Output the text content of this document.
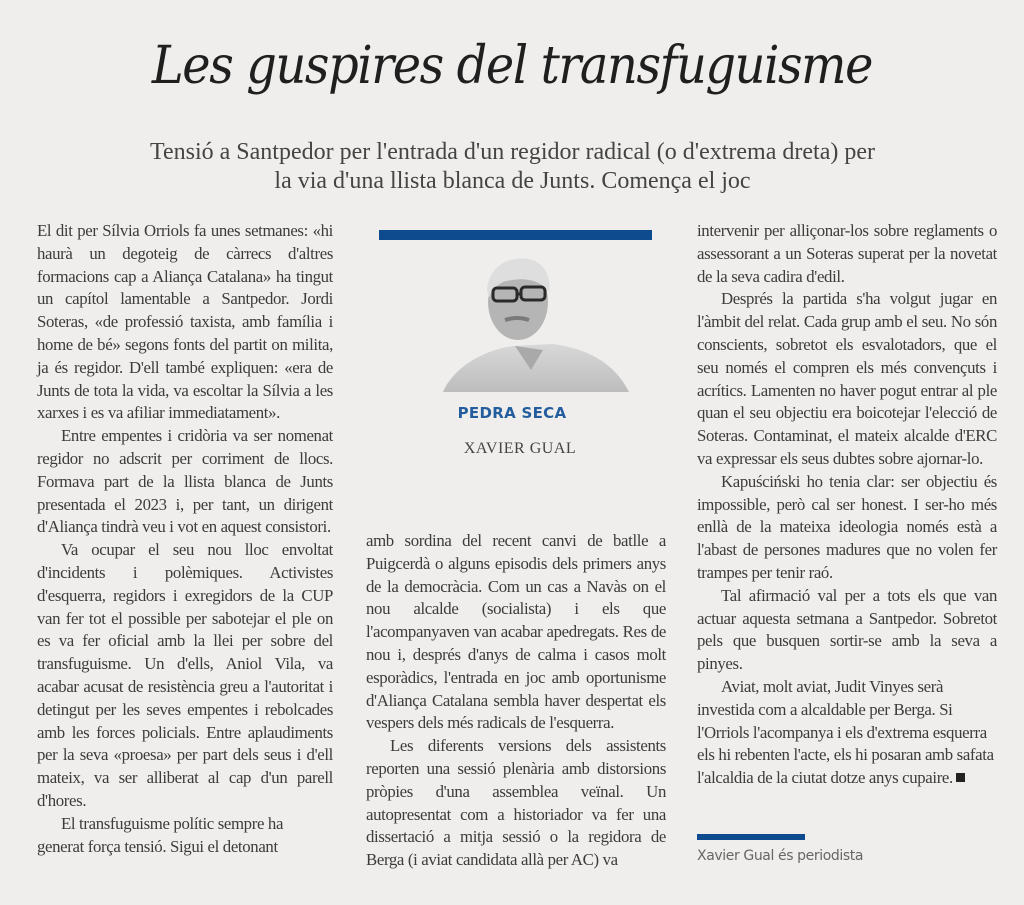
Les guspires del transfuguisme

Tensió a Santpedor per l'entrada d'un regidor radical (o d'extrema dreta) per la via d'una llista blanca de Junts. Comença el joc

El dit per Sílvia Orriols fa unes setmanes: «hi haurà un degoteig de càrrecs d'altres formacions cap a Aliança Catalana» ha tingut un capítol lamentable a Santpedor. Jordi Soteras, «de professió taxista, amb família i home de bé» segons fonts del partit on milita, ja és regidor. D'ell també expliquen: «era de Junts de tota la vida, va escoltar la Sílvia a les xarxes i es va afiliar immediatament».

Entre empentes i cridòria va ser nomenat regidor no adscrit per corriment de llocs. Formava part de la llista blanca de Junts presentada el 2023 i, per tant, un dirigent d'Aliança tindrà veu i vot en aquest consistori.

Va ocupar el seu nou lloc envoltat d'incidents i polèmiques. Activistes d'esquerra, regidors i exregidors de la CUP van fer tot el possible per sabotejar el ple on es va fer oficial amb la llei per sobre del transfuguisme. Un d'ells, Aniol Vila, va acabar acusat de resistència greu a l'autoritat i detingut per les seves empentes i rebolcades amb les forces policials. Entre aplaudiments per la seva «proesa» per part dels seus i d'ell mateix, va ser alliberat al cap d'un parell d'hores.

El transfuguisme polític sempre ha generat força tensió. Sigui el detonant

PEDRA SECA
XAVIER GUAL

amb sordina del recent canvi de batlle a Puigcerdà o alguns episodis dels primers anys de la democràcia. Com un cas a Navàs on el nou alcalde (socialista) i els que l'acompanyaven van acabar apedregats. Res de nou i, després d'anys de calma i casos molt esporàdics, l'entrada en joc amb oportunisme d'Aliança Catalana sembla haver despertat els vespers dels més radicals de l'esquerra.

Les diferents versions dels assistents reporten una sessió plenària amb distorsions pròpies d'una assemblea veïnal. Un autopresentat com a historiador va fer una dissertació a mitja sessió o la regidora de Berga (i aviat candidata allà per AC) va

intervenir per alliçonar-los sobre reglaments o assessorant a un Soteras superat per la novetat de la seva cadira d'edil.

Després la partida s'ha volgut jugar en l'àmbit del relat. Cada grup amb el seu. No són conscients, sobretot els esvalotadors, que el seu només el compren els més convençuts i acrítics. Lamenten no haver pogut entrar al ple quan el seu objectiu era boicotejar l'elecció de Soteras. Contaminat, el mateix alcalde d'ERC va expressar els seus dubtes sobre ajornar-lo.

Kapuściński ho tenia clar: ser objectiu és impossible, però cal ser honest. I ser-ho més enllà de la mateixa ideologia només està a l'abast de persones madures que no volen fer trampes per tenir raó.

Tal afirmació val per a tots els que van actuar aquesta setmana a Santpedor. Sobretot pels que busquen sortir-se amb la seva a pinyes.

Aviat, molt aviat, Judit Vinyes serà investida com a alcaldable per Berga. Si l'Orriols l'acompanya i els d'extrema esquerra els hi rebenten l'acte, els hi posaran amb safata l'alcaldia de la ciutat dotze anys cupaire.

Xavier Gual és periodista
